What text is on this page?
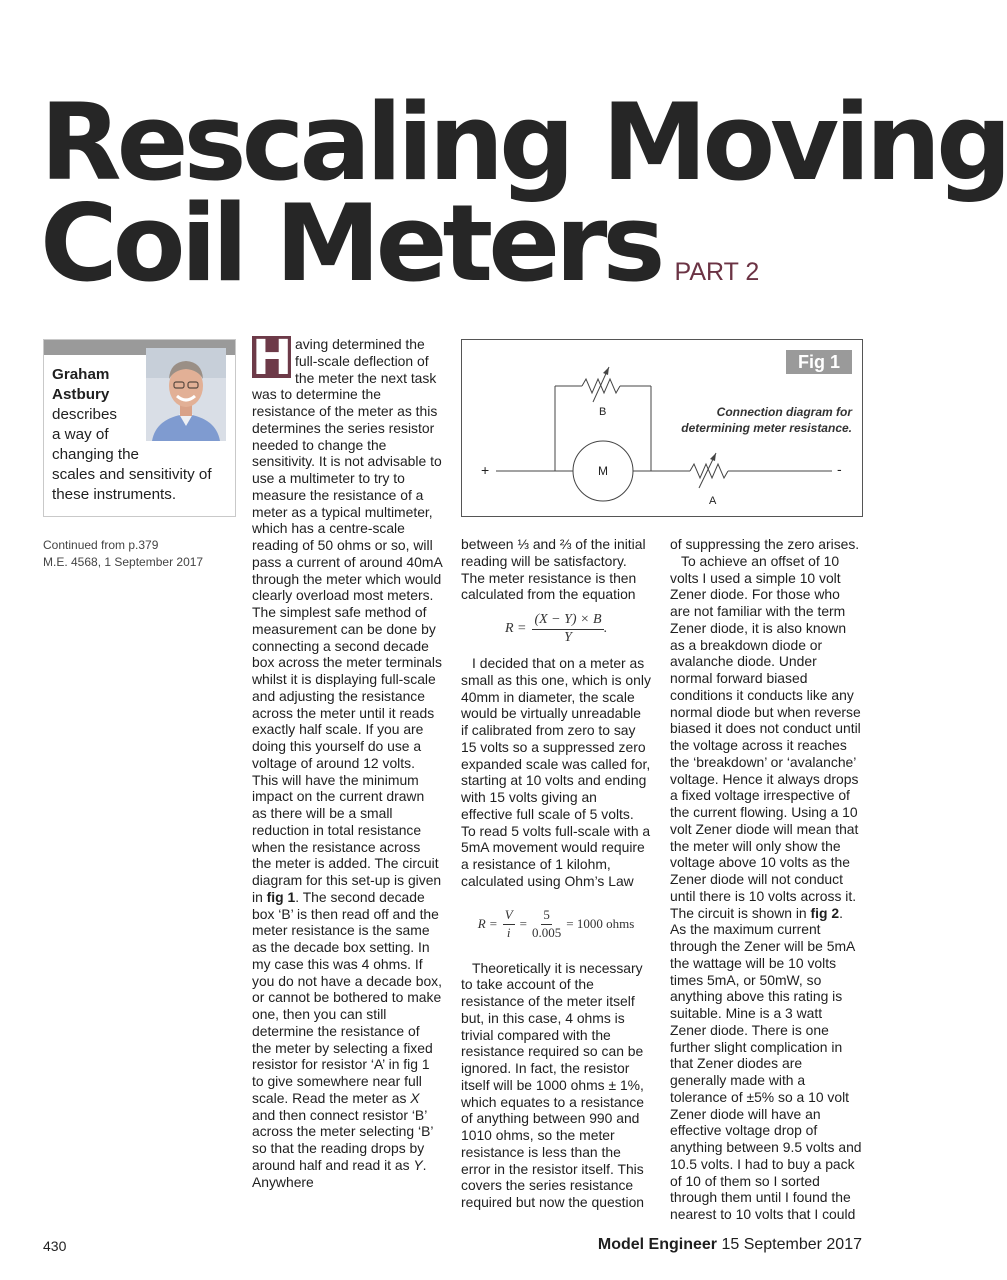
Rescaling Moving
Coil Meters PART 2
Graham
Astbury
describes
a way of
changing the
scales and sensitivity of
these instruments.
Continued from p.379
M.E. 4568, 1 September 2017

H aving determined the full-scale deflection of the meter the next task was to determine the resistance of the meter as this determines the series resistor needed to change the sensitivity. It is not advisable to use a multimeter to try to measure the resistance of a meter as a typical multimeter, which has a centre-scale reading of 50 ohms or so, will pass a current of around 40mA through the meter which would clearly overload most meters. The simplest safe method of measurement can be done by connecting a second decade box across the meter terminals whilst it is displaying full-scale and adjusting the resistance across the meter until it reads exactly half scale. If you are doing this yourself do use a voltage of around 12 volts. This will have the minimum impact on the current drawn as there will be a small reduction in total resistance when the resistance across the meter is added. The circuit diagram for this set-up is given in fig 1. The second decade box ‘B’ is then read off and the meter resistance is the same as the decade box setting. In my case this was 4 ohms. If you do not have a decade box, or cannot be bothered to make one, then you can still determine the resistance of the meter by selecting a fixed resistor for resistor ‘A’ in fig 1 to give somewhere near full scale. Read the meter as X and then connect resistor ‘B’ across the meter selecting ‘B’ so that the reading drops by around half and read it as Y. Anywhere

Fig 1
Connection diagram for
determining meter resistance.
B
A
M
+	-

between ⅓ and ⅔ of the initial reading will be satisfactory. The meter resistance is then calculated from the equation

$R = \frac{(X - Y) \times B}{Y}$ .

I decided that on a meter as small as this one, which is only 40mm in diameter, the scale would be virtually unreadable if calibrated from zero to say 15 volts so a suppressed zero expanded scale was called for, starting at 10 volts and ending with 15 volts giving an effective full scale of 5 volts. To read 5 volts full-scale with a 5mA movement would require a resistance of 1 kilohm, calculated using Ohm’s Law

$R = \frac{V}{i} = \frac{5}{0.005} = 1000$ ohms

Theoretically it is necessary to take account of the resistance of the meter itself but, in this case, 4 ohms is trivial compared with the resistance required so can be ignored. In fact, the resistor itself will be 1000 ohms ± 1%, which equates to a resistance of anything between 990 and 1010 ohms, so the meter resistance is less than the error in the resistor itself. This covers the series resistance required but now the question

of suppressing the zero arises.

To achieve an offset of 10 volts I used a simple 10 volt Zener diode. For those who are not familiar with the term Zener diode, it is also known as a breakdown diode or avalanche diode. Under normal forward biased conditions it conducts like any normal diode but when reverse biased it does not conduct until the voltage across it reaches the ‘breakdown’ or ‘avalanche’ voltage. Hence it always drops a fixed voltage irrespective of the current flowing. Using a 10 volt Zener diode will mean that the meter will only show the voltage above 10 volts as the Zener diode will not conduct until there is 10 volts across it. The circuit is shown in fig 2. As the maximum current through the Zener will be 5mA the wattage will be 10 volts times 5mA, or 50mW, so anything above this rating is suitable. Mine is a 3 watt Zener diode. There is one further slight complication in that Zener diodes are generally made with a tolerance of ±5% so a 10 volt Zener diode will have an effective voltage drop of anything between 9.5 volts and 10.5 volts. I had to buy a pack of 10 of them so I sorted through them until I found the nearest to 10 volts that I could

430	Model Engineer 15 September 2017
